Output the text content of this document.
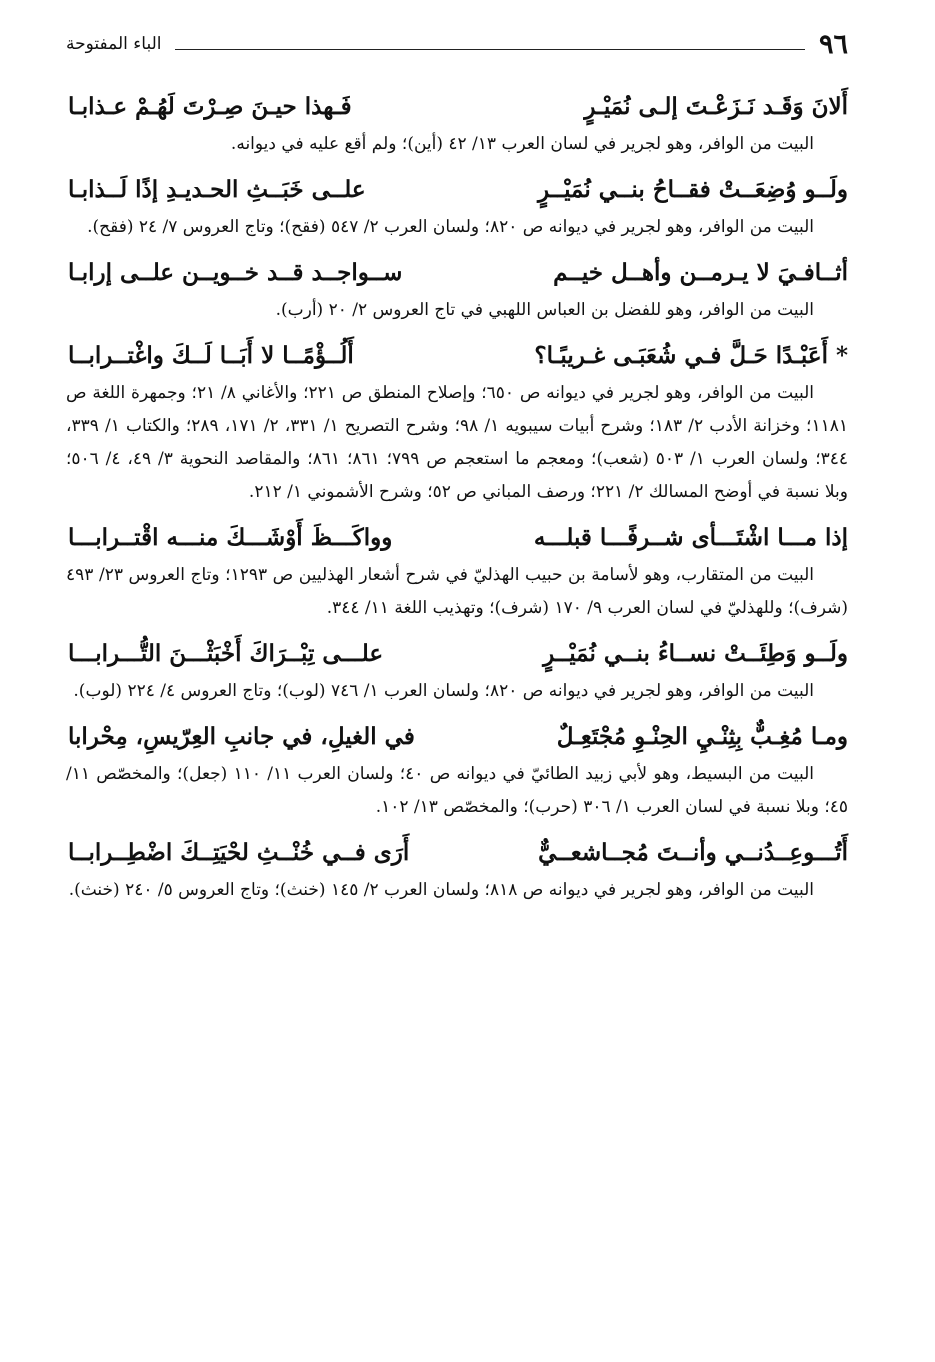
٩٦
الباء المفتوحة
أَلانَ وَقَـد نَـزَعْـتَ إلـى نُمَيْـرٍ
فَـهذا حيـنَ صِـرْتَ لَهُـمْ عـذابـا

البيت من الوافر، وهو لجرير في لسان العرب ١٣/ ٤٢ (أين)؛ ولم أقع عليه في ديوانه.

ولَــو وُضِعَــتْ فقــاحُ بنــي نُمَيْــرٍ
علــى خَبَــثِ الحـديـدِ إذًا لَــذابـا

البيت من الوافر، وهو لجرير في ديوانه ص ٨٢٠؛ ولسان العرب ٢/ ٥٤٧ (فقح)؛ وتاج العروس ٧/ ٢٤ (فقح).

أثــافـيَ لا يـرمــن وأهــل خيــم
ســواجــد قــد خــويــن علــى إرابـا

البيت من الوافر، وهو للفضل بن العباس اللهبي في تاج العروس ٢/ ٢٠ (أرب).

* أَعَبْـدًا حَـلَّ فـي شُعَبَـى غـريبًـا؟
أَلُــؤْمًــا لا أَبَــا لَــكَ واغْتــرابــا

البيت من الوافر، وهو لجرير في ديوانه ص ٦٥٠؛ وإصلاح المنطق ص ٢٢١؛ والأغاني ٨/ ٢١؛ وجمهرة اللغة ص ١١٨١؛ وخزانة الأدب ٢/ ١٨٣؛ وشرح أبيات سيبويه ١/ ٩٨؛ وشرح التصريح ١/ ٣٣١، ٢/ ١٧١، ٢٨٩؛ والكتاب ١/ ٣٣٩، ٣٤٤؛ ولسان العرب ١/ ٥٠٣ (شعب)؛ ومعجم ما استعجم ص ٧٩٩؛ ٨٦١؛ ٨٦١؛ والمقاصد النحوية ٣/ ٤٩، ٤/ ٥٠٦؛ وبلا نسبة في أوضح المسالك ٢/ ٢٢١؛ ورصف المباني ص ٥٢؛ وشرح الأشموني ١/ ٢١٢.

إذا مـــا اشْتَـــأى شــرفًـــا قبلـــه
وواكَـــظَ أَوْشَـــكَ منـــه اقْتــرابـــا

البيت من المتقارب، وهو لأسامة بن حبيب الهذليّ في شرح أشعار الهذليين ص ١٢٩٣؛ وتاج العروس ٢٣/ ٤٩٣ (شرف)؛ وللهذليّ في لسان العرب ٩/ ١٧٠ (شرف)؛ وتهذيب اللغة ١١/ ٣٤٤.

ولَــو وَطِئَــتْ نســاءُ بنــي نُمَيْــرٍ
علـــى تِبْــرَاكَ أَخْبَثْـــنَ التُّـــرابـــا

البيت من الوافر، وهو لجرير في ديوانه ص ٨٢٠؛ ولسان العرب ١/ ٧٤٦ (لوب)؛ وتاج العروس ٤/ ٢٢٤ (لوب).

ومـا مُغِـبٌّ بِثِنْـيِ الحِنْـوِ مُجْتَعِـلٌ
في الغيلِ، في جانبِ العِرّيسِ، مِحْرابا

البيت من البسيط، وهو لأبي زبيد الطائيّ في ديوانه ص ٤٠؛ ولسان العرب ١١/ ١١٠ (جعل)؛ والمخصّص ١١/ ٤٥؛ وبلا نسبة في لسان العرب ١/ ٣٠٦ (حرب)؛ والمخصّص ١٣/ ١٠٢.

أَتُـــوعِــدُنــي وأنــتَ مُجــاشعــيٌّ
أَرَى فــي خُنْــثِ لحْيَتِــكَ اضْطِــرابــا

البيت من الوافر، وهو لجرير في ديوانه ص ٨١٨؛ ولسان العرب ٢/ ١٤٥ (خنث)؛ وتاج العروس ٥/ ٢٤٠ (خنث).
